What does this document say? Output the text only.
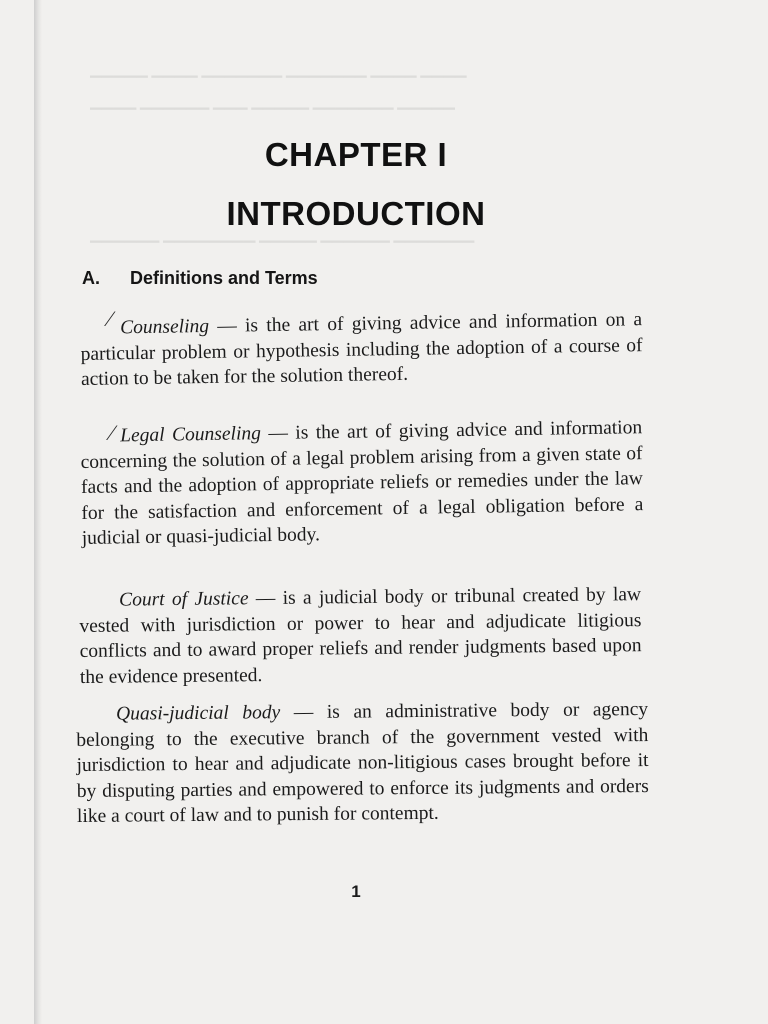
▁▁▁▁▁ ▁▁▁▁ ▁▁▁▁▁▁▁ ▁▁▁▁▁▁▁ ▁▁▁▁ ▁▁▁▁
▁▁▁▁ ▁▁▁▁▁▁ ▁▁▁ ▁▁▁▁▁ ▁▁▁▁▁▁▁ ▁▁▁▁▁
▁▁▁▁▁▁ ▁▁▁▁▁▁▁▁ ▁▁▁▁▁ ▁▁▁▁▁▁ ▁▁▁▁▁▁▁
CHAPTER I
INTRODUCTION
A. Definitions and Terms

Counseling — is the art of giving advice and information on a particular problem or hypothesis including the adoption of a course of action to be taken for the solution thereof.

⁄

Legal Counseling — is the art of giving advice and information concerning the solution of a legal problem arising from a given state of facts and the adoption of appropriate reliefs or remedies under the law for the satisfaction and enforcement of a legal obligation before a judicial or quasi-judicial body.

⁄

Court of Justice — is a judicial body or tribunal created by law vested with jurisdiction or power to hear and adjudicate litigious conflicts and to award proper reliefs and render judgments based upon the evidence presented.

Quasi-judicial body — is an administrative body or agency belonging to the executive branch of the government vested with jurisdiction to hear and adjudicate non-litigious cases brought before it by disputing parties and empowered to enforce its judgments and orders like a court of law and to punish for contempt.

1
